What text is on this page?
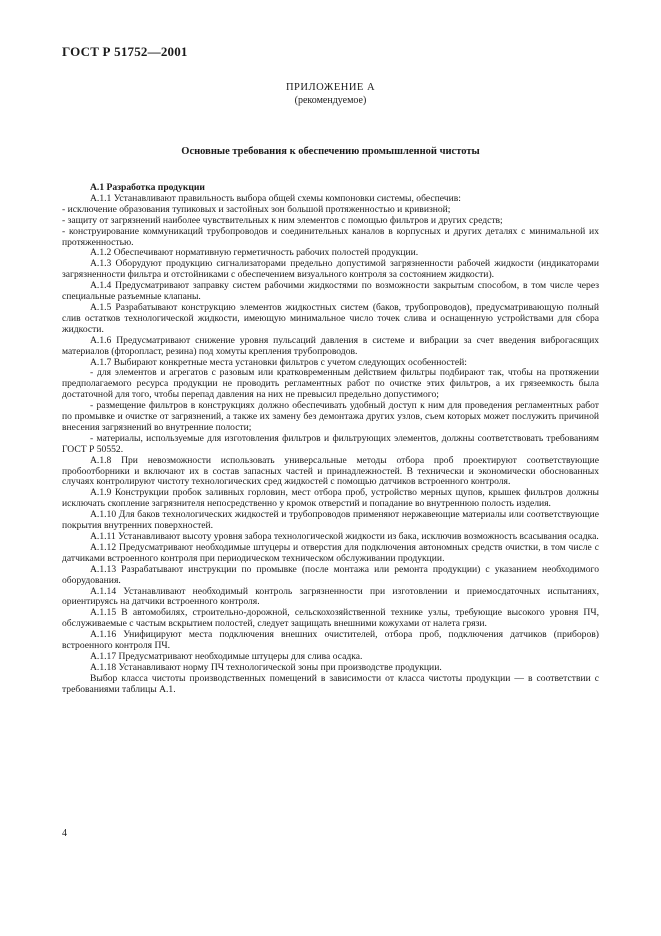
ГОСТ Р 51752—2001
ПРИЛОЖЕНИЕ А
(рекомендуемое)
Основные требования к обеспечению промышленной чистоты

А.1 Разработка продукции

А.1.1 Устанавливают правильность выбора общей схемы компоновки системы, обеспечив:

- исключение образования тупиковых и застойных зон большой протяженностью и кривизной;

- защиту от загрязнений наиболее чувствительных к ним элементов с помощью фильтров и других средств;

- конструирование коммуникаций трубопроводов и соединительных каналов в корпусных и других деталях с минимальной их протяженностью.

А.1.2 Обеспечивают нормативную герметичность рабочих полостей продукции.

А.1.3 Оборудуют продукцию сигнализаторами предельно допустимой загрязненности рабочей жидкости (индикаторами загрязненности фильтра и отстойниками с обеспечением визуального контроля за состоянием жидкости).

А.1.4 Предусматривают заправку систем рабочими жидкостями по возможности закрытым способом, в том числе через специальные разъемные клапаны.

А.1.5 Разрабатывают конструкцию элементов жидкостных систем (баков, трубопроводов), предусматривающую полный слив остатков технологической жидкости, имеющую минимальное число точек слива и оснащенную устройствами для сбора жидкости.

А.1.6 Предусматривают снижение уровня пульсаций давления в системе и вибрации за счет введения виброгасящих материалов (фторопласт, резина) под хомуты крепления трубопроводов.

А.1.7 Выбирают конкретные места установки фильтров с учетом следующих особенностей:

- для элементов и агрегатов с разовым или кратковременным действием фильтры подбирают так, чтобы на протяжении предполагаемого ресурса продукции не проводить регламентных работ по очистке этих фильтров, а их грязеемкость была достаточной для того, чтобы перепад давления на них не превысил предельно допустимого;

- размещение фильтров в конструкциях должно обеспечивать удобный доступ к ним для проведения регламентных работ по промывке и очистке от загрязнений, а также их замену без демонтажа других узлов, съем которых может послужить причиной внесения загрязнений во внутренние полости;

- материалы, используемые для изготовления фильтров и фильтрующих элементов, должны соответствовать требованиям ГОСТ Р 50552.

А.1.8 При невозможности использовать универсальные методы отбора проб проектируют соответствующие пробоотборники и включают их в состав запасных частей и принадлежностей. В технически и экономически обоснованных случаях контролируют чистоту технологических сред жидкостей с помощью датчиков встроенного контроля.

А.1.9 Конструкции пробок заливных горловин, мест отбора проб, устройство мерных щупов, крышек фильтров должны исключать скопление загрязнителя непосредственно у кромок отверстий и попадание во внутреннюю полость изделия.

А.1.10 Для баков технологических жидкостей и трубопроводов применяют нержавеющие материалы или соответствующие покрытия внутренних поверхностей.

А.1.11 Устанавливают высоту уровня забора технологической жидкости из бака, исключив возможность всасывания осадка.

А.1.12 Предусматривают необходимые штуцеры и отверстия для подключения автономных средств очистки, в том числе с датчиками встроенного контроля при периодическом техническом обслуживании продукции.

А.1.13 Разрабатывают инструкции по промывке (после монтажа или ремонта продукции) с указанием необходимого оборудования.

А.1.14 Устанавливают необходимый контроль загрязненности при изготовлении и приемосдаточных испытаниях, ориентируясь на датчики встроенного контроля.

А.1.15 В автомобилях, строительно-дорожной, сельскохозяйственной технике узлы, требующие высокого уровня ПЧ, обслуживаемые с частым вскрытием полостей, следует защищать внешними кожухами от налета грязи.

А.1.16 Унифицируют места подключения внешних очистителей, отбора проб, подключения датчиков (приборов) встроенного контроля ПЧ.

А.1.17 Предусматривают необходимые штуцеры для слива осадка.

А.1.18 Устанавливают норму ПЧ технологической зоны при производстве продукции.

Выбор класса чистоты производственных помещений в зависимости от класса чистоты продукции — в соответствии с требованиями таблицы А.1.

4
